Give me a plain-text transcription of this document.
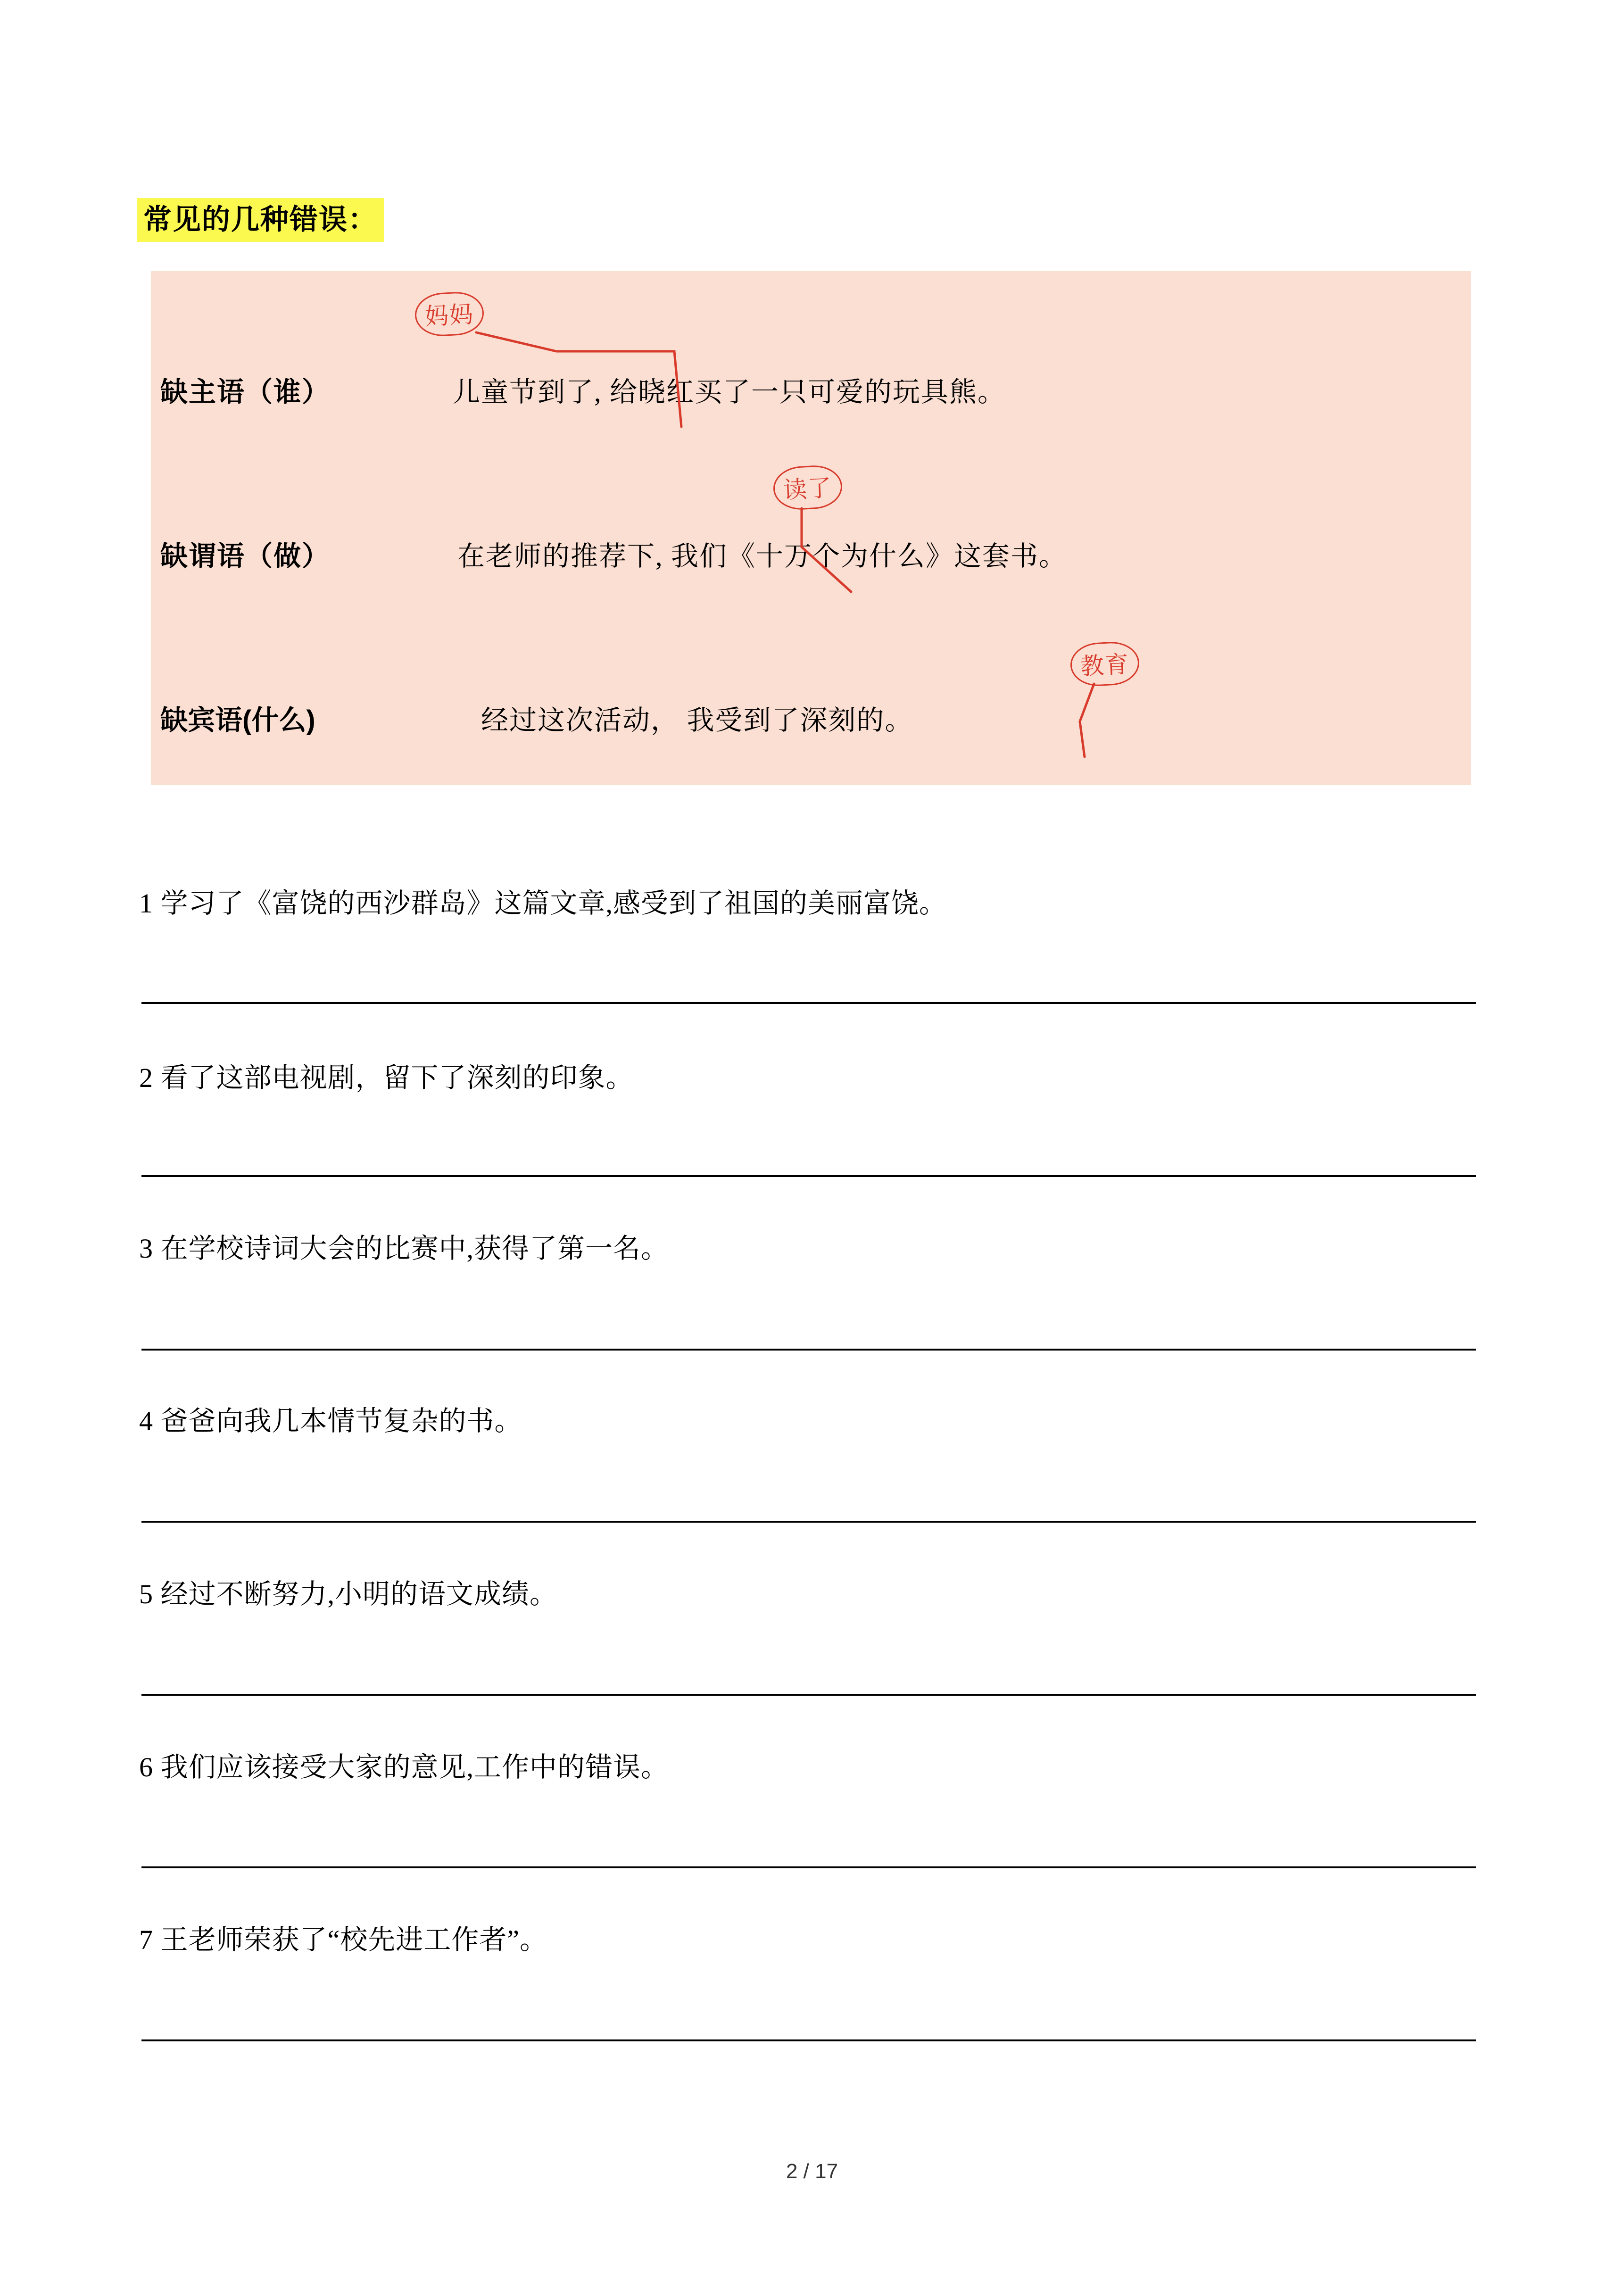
常见的几种错误：
缺主语（谁）	儿童节到了, 给晓红买了一只可爱的玩具熊。
缺谓语（做）	在老师的推荐下, 我们《十万个为什么》这套书。
缺宾语(什么)	经过这次活动， 我受到了深刻的。
妈妈
读了
教育
1 学习了《富饶的西沙群岛》这篇文章,感受到了祖国的美丽富饶。
2 看了这部电视剧，留下了深刻的印象。
3 在学校诗词大会的比赛中,获得了第一名。
4 爸爸向我几本情节复杂的书。
5 经过不断努力,小明的语文成绩。
6 我们应该接受大家的意见,工作中的错误。
7 王老师荣获了“校先进工作者”。
2 / 17
